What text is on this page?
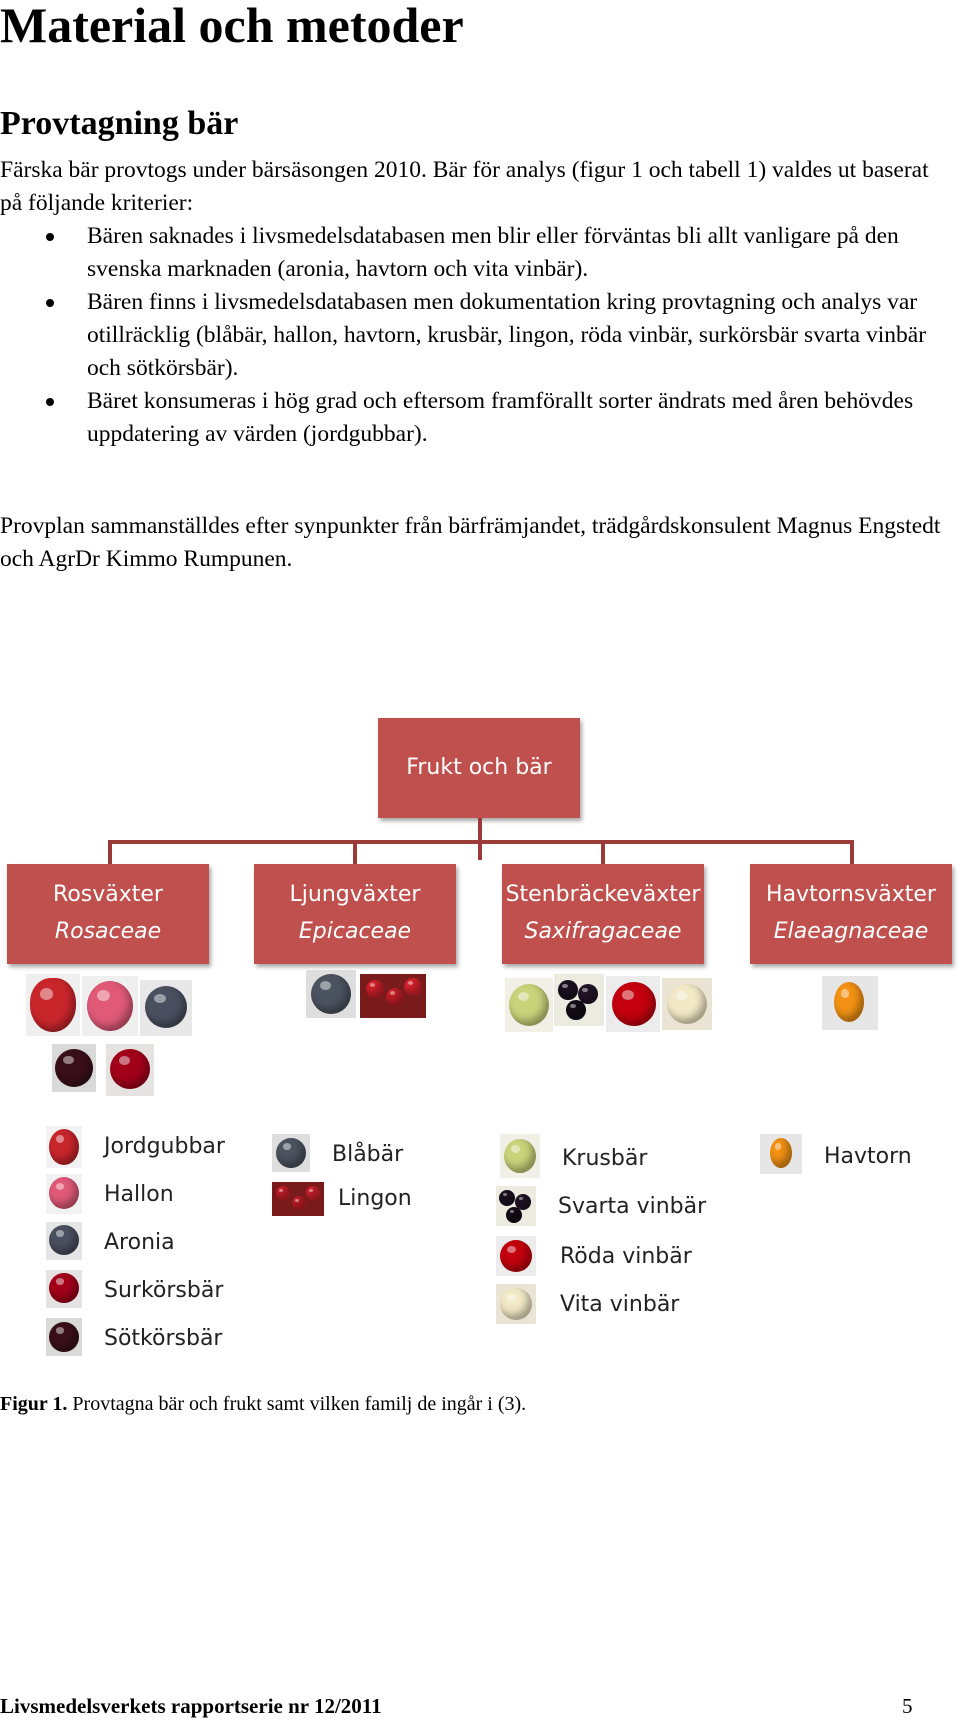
Material och metoder
Provtagning bär
Färska bär provtogs under bärsäsongen 2010. Bär för analys (figur 1 och tabell 1) valdes ut baserat på följande kriterier:
Bären saknades i livsmedelsdatabasen men blir eller förväntas bli allt vanligare på den svenska marknaden (aronia, havtorn och vita vinbär).
Bären finns i livsmedelsdatabasen men dokumentation kring provtagning och analys var otillräcklig (blåbär, hallon, havtorn, krusbär, lingon, röda vinbär, surkörsbär svarta vinbär och sötkörsbär).
Bäret konsumeras i hög grad och eftersom framförallt sorter ändrats med åren behövdes uppdatering av värden (jordgubbar).
Provplan sammanställdes efter synpunkter från bärfrämjandet, trädgårdskonsulent Magnus Engstedt och AgrDr Kimmo Rumpunen.
Frukt och bär
Rosväxter
Rosaceae
Ljungväxter
Epicaceae
Stenbräckeväxter
Saxifragaceae
Havtornsväxter
Elaeagnaceae
Jordgubbar
Hallon
Aronia
Surkörsbär
Sötkörsbär
Blåbär
Lingon
Krusbär
Svarta vinbär
Röda vinbär
Vita vinbär
Havtorn
Figur 1. Provtagna bär och frukt samt vilken familj de ingår i (3).
Livsmedelsverkets rapportserie nr 12/2011	5
